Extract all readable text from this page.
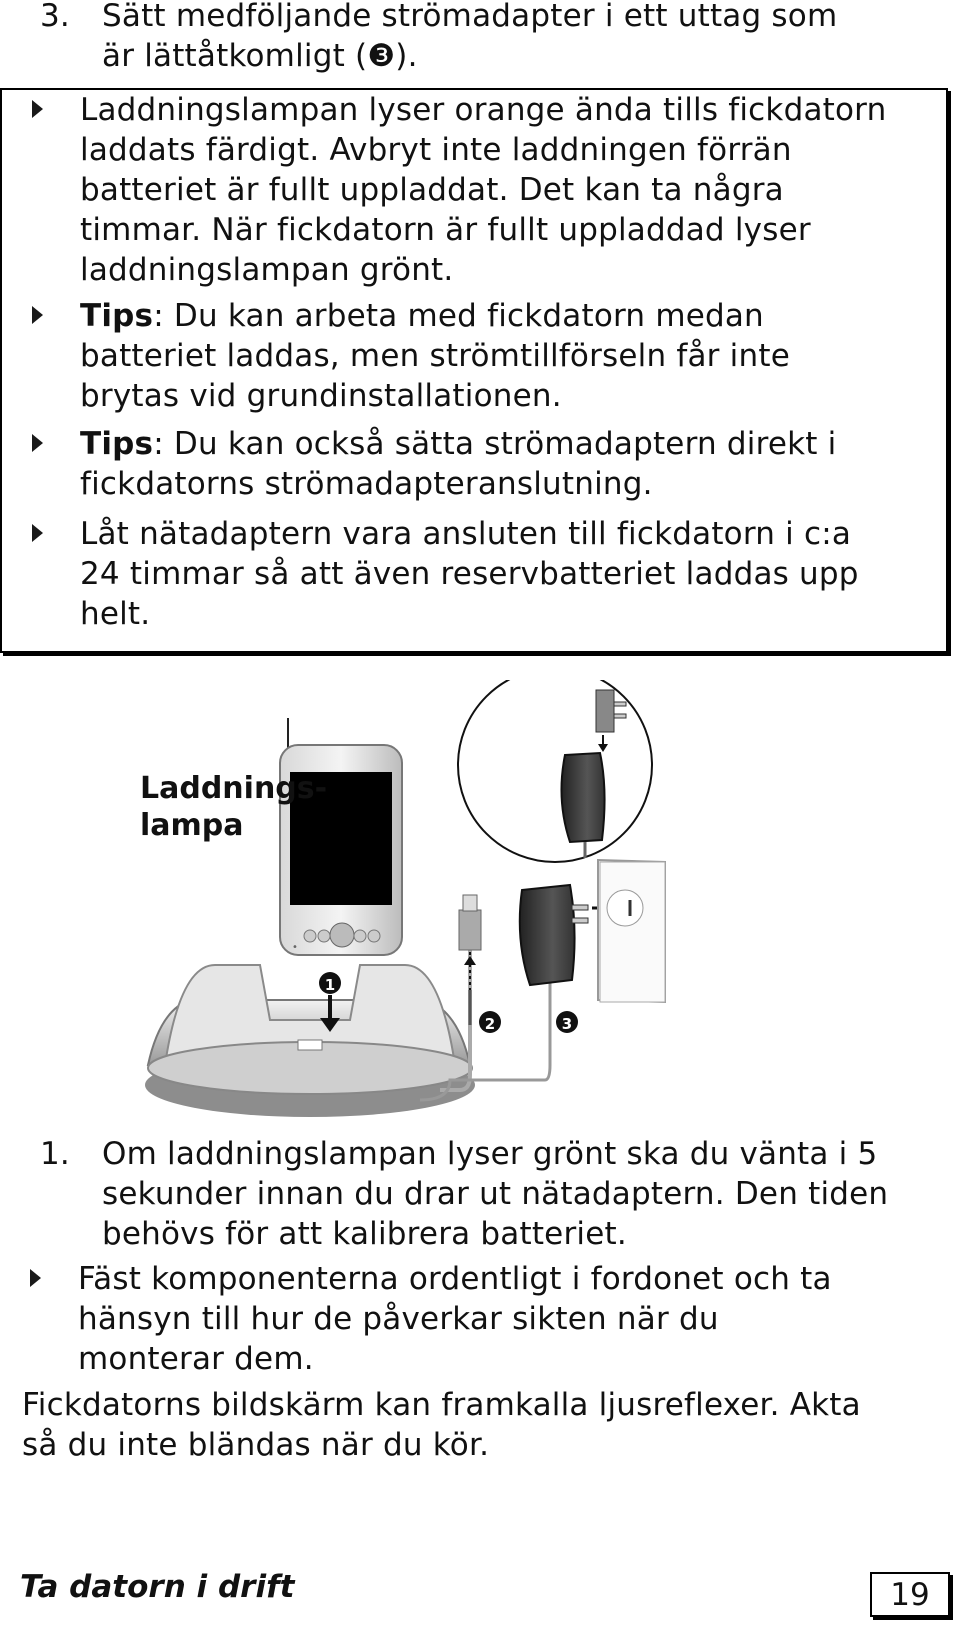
3. Sätt medföljande strömadapter i ett uttag som
är lättåtkomligt (❸).
Laddningslampan lyser orange ända tills fickdatorn
laddats färdigt. Avbryt inte laddningen förrän
batteriet är fullt uppladdat. Det kan ta några
timmar. När fickdatorn är fullt uppladdad lyser
laddningslampan grönt.
Tips: Du kan arbeta med fickdatorn medan
batteriet laddas, men strömtillförseln får inte
brytas vid grundinstallationen.
Tips: Du kan också sätta strömadaptern direkt i
fickdatorns strömadapteranslutning.
Låt nätadaptern vara ansluten till fickdatorn i c:a
24 timmar så att även reservbatteriet laddas upp
helt.
•
1
2	3
Laddnings-
lampa
1. Om laddningslampan lyser grönt ska du vänta i 5
sekunder innan du drar ut nätadaptern. Den tiden
behövs för att kalibrera batteriet.
Fäst komponenterna ordentligt i fordonet och ta
hänsyn till hur de påverkar sikten när du
monterar dem.
Fickdatorns bildskärm kan framkalla ljusreflexer. Akta
så du inte bländas när du kör.
Ta datorn i drift	19
